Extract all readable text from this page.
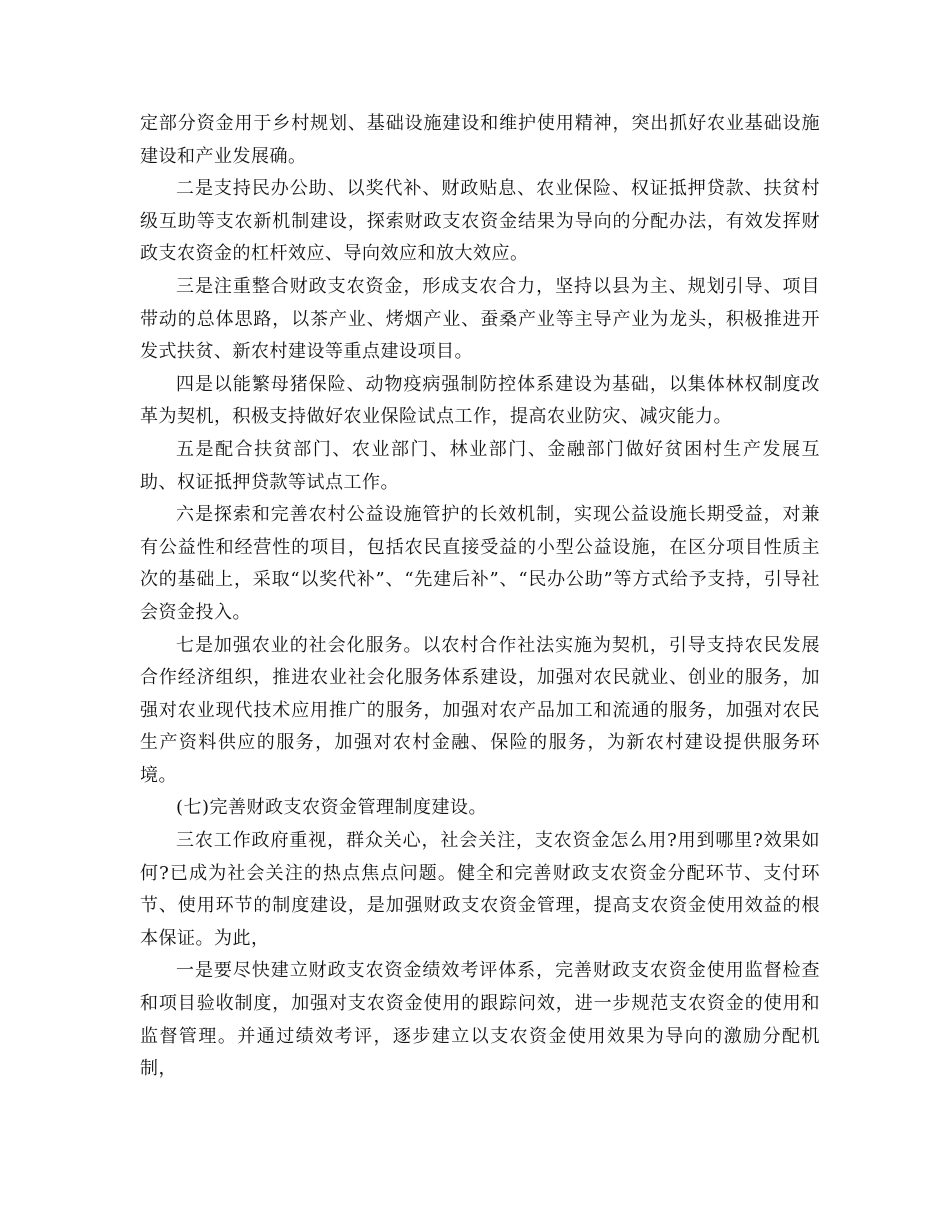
定部分资金用于乡村规划、基础设施建设和维护使用精神，突出抓好农业基础设施建设和产业发展确。

二是支持民办公助、以奖代补、财政贴息、农业保险、权证抵押贷款、扶贫村级互助等支农新机制建设，探索财政支农资金结果为导向的分配办法，有效发挥财政支农资金的杠杆效应、导向效应和放大效应。

三是注重整合财政支农资金，形成支农合力，坚持以县为主、规划引导、项目带动的总体思路，以茶产业、烤烟产业、蚕桑产业等主导产业为龙头，积极推进开发式扶贫、新农村建设等重点建设项目。

四是以能繁母猪保险、动物疫病强制防控体系建设为基础，以集体林权制度改革为契机，积极支持做好农业保险试点工作，提高农业防灾、减灾能力。

五是配合扶贫部门、农业部门、林业部门、金融部门做好贫困村生产发展互助、权证抵押贷款等试点工作。

六是探索和完善农村公益设施管护的长效机制，实现公益设施长期受益，对兼有公益性和经营性的项目，包括农民直接受益的小型公益设施，在区分项目性质主次的基础上，采取“以奖代补”、“先建后补”、“民办公助”等方式给予支持，引导社会资金投入。

七是加强农业的社会化服务。以农村合作社法实施为契机，引导支持农民发展合作经济组织，推进农业社会化服务体系建设，加强对农民就业、创业的服务，加强对农业现代技术应用推广的服务，加强对农产品加工和流通的服务，加强对农民生产资料供应的服务，加强对农村金融、保险的服务，为新农村建设提供服务环境。

(七)完善财政支农资金管理制度建设。

三农工作政府重视，群众关心，社会关注，支农资金怎么用?用到哪里?效果如何?已成为社会关注的热点焦点问题。健全和完善财政支农资金分配环节、支付环节、使用环节的制度建设，是加强财政支农资金管理，提高支农资金使用效益的根本保证。为此，

一是要尽快建立财政支农资金绩效考评体系，完善财政支农资金使用监督检查和项目验收制度，加强对支农资金使用的跟踪问效，进一步规范支农资金的使用和监督管理。并通过绩效考评，逐步建立以支农资金使用效果为导向的激励分配机制，
